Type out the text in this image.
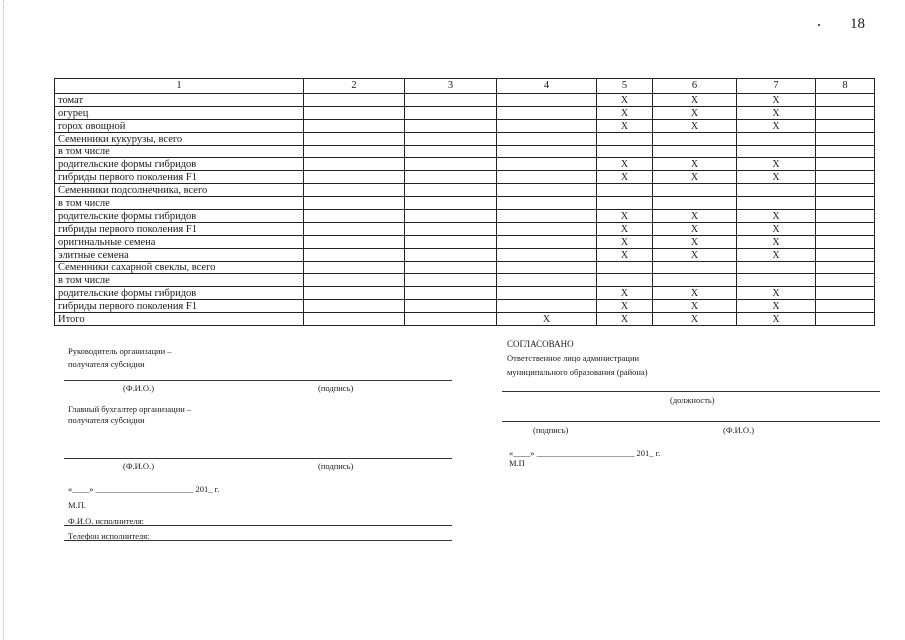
18
1	2	3	4	5	6	7	8
томат				X	X	X	
огурец				X	X	X	
горох овощной				X	X	X	
Семенники кукурузы, всего							
в том числе							
родительские формы гибридов				X	X	X	
гибриды первого поколения F1				X	X	X	
Семенники подсолнечника, всего							
в том числе							
родительские формы гибридов				X	X	X	
гибриды первого поколения F1				X	X	X	
оригинальные семена				X	X	X	
элитные семена				X	X	X	
Семенники сахарной свеклы, всего							
в том числе							
родительские формы гибридов				X	X	X	
гибриды первого поколения F1				X	X	X	
Итого			X	X	X	X	
Руководитель организации –
получателя субсидии
(Ф.И.О.)	(подпись)
Главный бухгалтер организации –
получателя субсидии
(Ф.И.О.)	(подпись)
«____» _______________________ 201_ г.
М.П.
Ф.И.О. исполнителя:
Телефон исполнителя:
СОГЛАСОВАНО
Ответственное лицо администрации
муниципального образования (района)
(должность)
(подпись)	(Ф.И.О.)
«____» _______________________ 201_ г.
М.П
